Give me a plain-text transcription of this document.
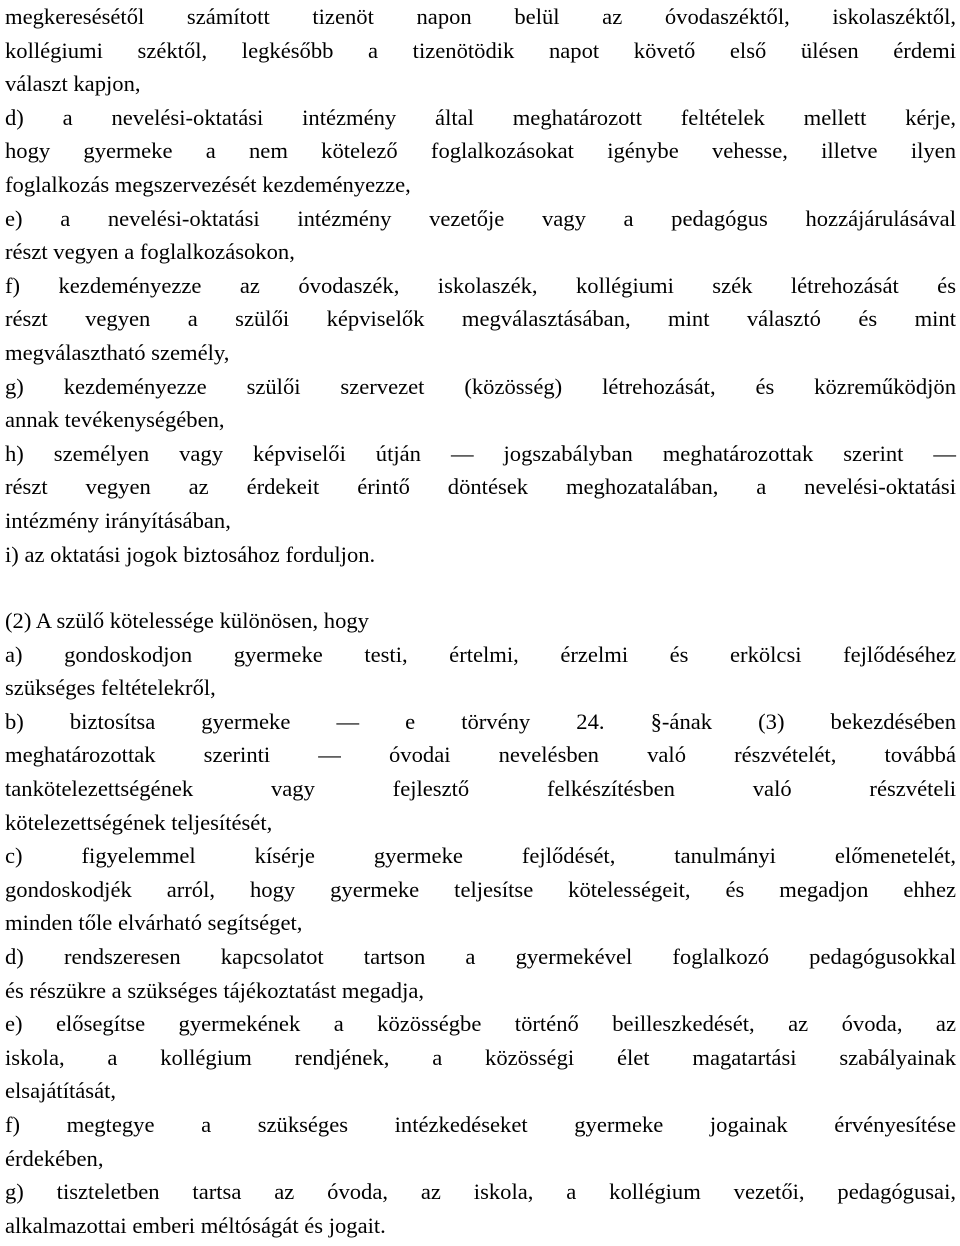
megkeresésétől számított tizenöt napon belül az óvodaszéktől, iskolaszéktől,
kollégiumi széktől, legkésőbb a tizenötödik napot követő első ülésen érdemi
választ kapjon,
d) a nevelési-oktatási intézmény által meghatározott feltételek mellett kérje,
hogy gyermeke a nem kötelező foglalkozásokat igénybe vehesse, illetve ilyen
foglalkozás megszervezését kezdeményezze,
e) a nevelési-oktatási intézmény vezetője vagy a pedagógus hozzájárulásával
részt vegyen a foglalkozásokon,
f) kezdeményezze az óvodaszék, iskolaszék, kollégiumi szék létrehozását és
részt vegyen a szülői képviselők megválasztásában, mint választó és mint
megválasztható személy,
g) kezdeményezze szülői szervezet (közösség) létrehozását, és közreműködjön
annak tevékenységében,
h) személyen vagy képviselői útján — jogszabályban meghatározottak szerint —
részt vegyen az érdekeit érintő döntések meghozatalában, a nevelési-oktatási
intézmény irányításában,
i) az oktatási jogok biztosához forduljon.
(2) A szülő kötelessége különösen, hogy
a) gondoskodjon gyermeke testi, értelmi, érzelmi és erkölcsi fejlődéséhez
szükséges feltételekről,
b) biztosítsa gyermeke — e törvény 24. §-ának (3) bekezdésében
meghatározottak szerinti — óvodai nevelésben való részvételét, továbbá
tankötelezettségének vagy fejlesztő felkészítésben való részvételi
kötelezettségének teljesítését,
c) figyelemmel kísérje gyermeke fejlődését, tanulmányi előmenetelét,
gondoskodjék arról, hogy gyermeke teljesítse kötelességeit, és megadjon ehhez
minden tőle elvárható segítséget,
d) rendszeresen kapcsolatot tartson a gyermekével foglalkozó pedagógusokkal
és részükre a szükséges tájékoztatást megadja,
e) elősegítse gyermekének a közösségbe történő beilleszkedését, az óvoda, az
iskola, a kollégium rendjének, a közösségi élet magatartási szabályainak
elsajátítását,
f) megtegye a szükséges intézkedéseket gyermeke jogainak érvényesítése
érdekében,
g) tiszteletben tartsa az óvoda, az iskola, a kollégium vezetői, pedagógusai,
alkalmazottai emberi méltóságát és jogait.
